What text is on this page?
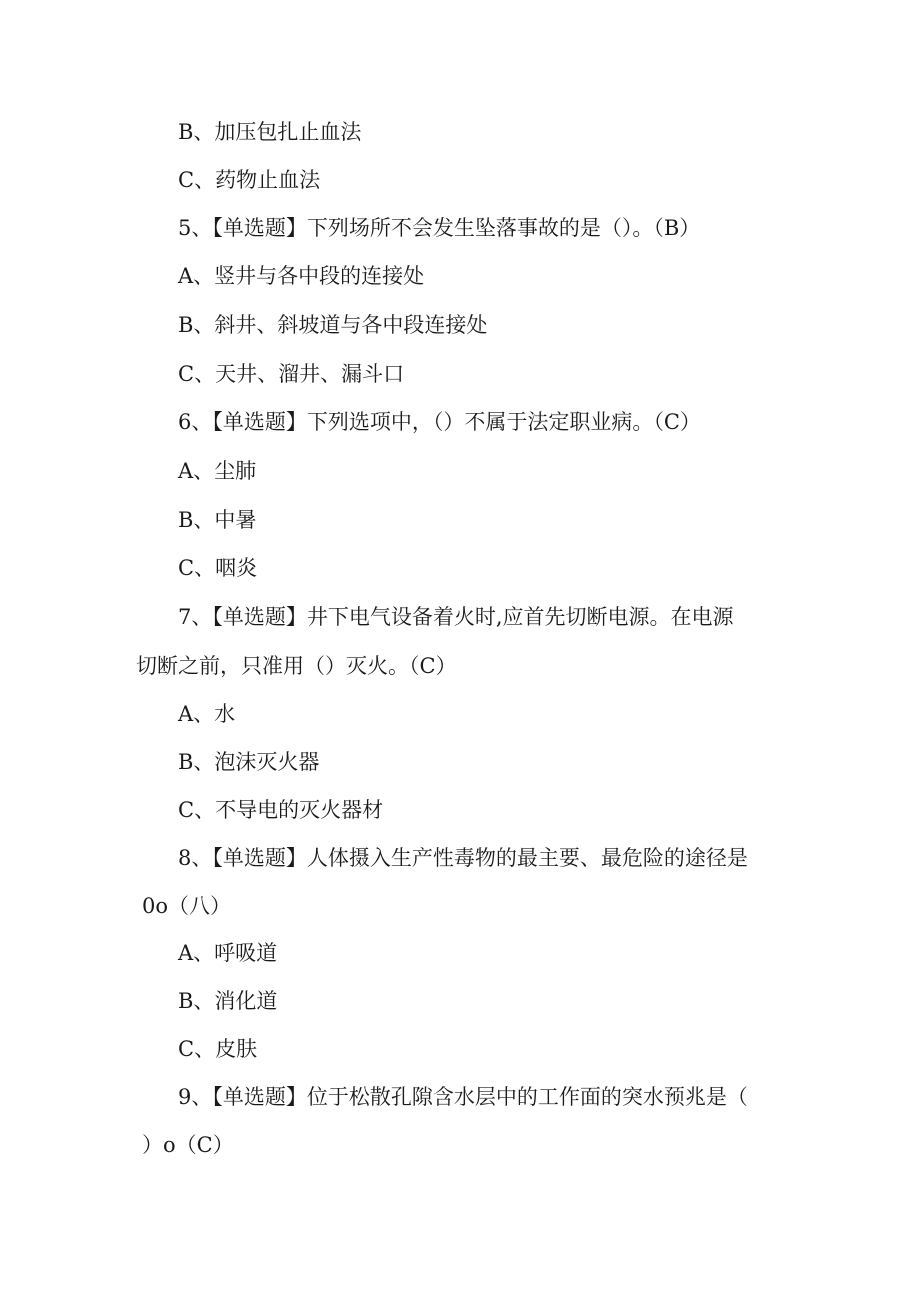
B、加压包扎止血法
C、药物止血法
5、【单选题】下列场所不会发生坠落事故的是（）。（B）
A、竖井与各中段的连接处
B、斜井、斜坡道与各中段连接处
C、天井、溜井、漏斗口
6、【单选题】下列选项中，（）不属于法定职业病。（C）
A、尘肺
B、中暑
C、咽炎
7、【单选题】井下电气设备着火时,应首先切断电源。在电源
切断之前，只准用（）灭火。（C）
A、水
B、泡沫灭火器
C、不导电的灭火器材
8、【单选题】人体摄入生产性毒物的最主要、最危险的途径是
0o（八）
A、呼吸道
B、消化道
C、皮肤
9、【单选题】位于松散孔隙含水层中的工作面的突水预兆是（
）o（C）
